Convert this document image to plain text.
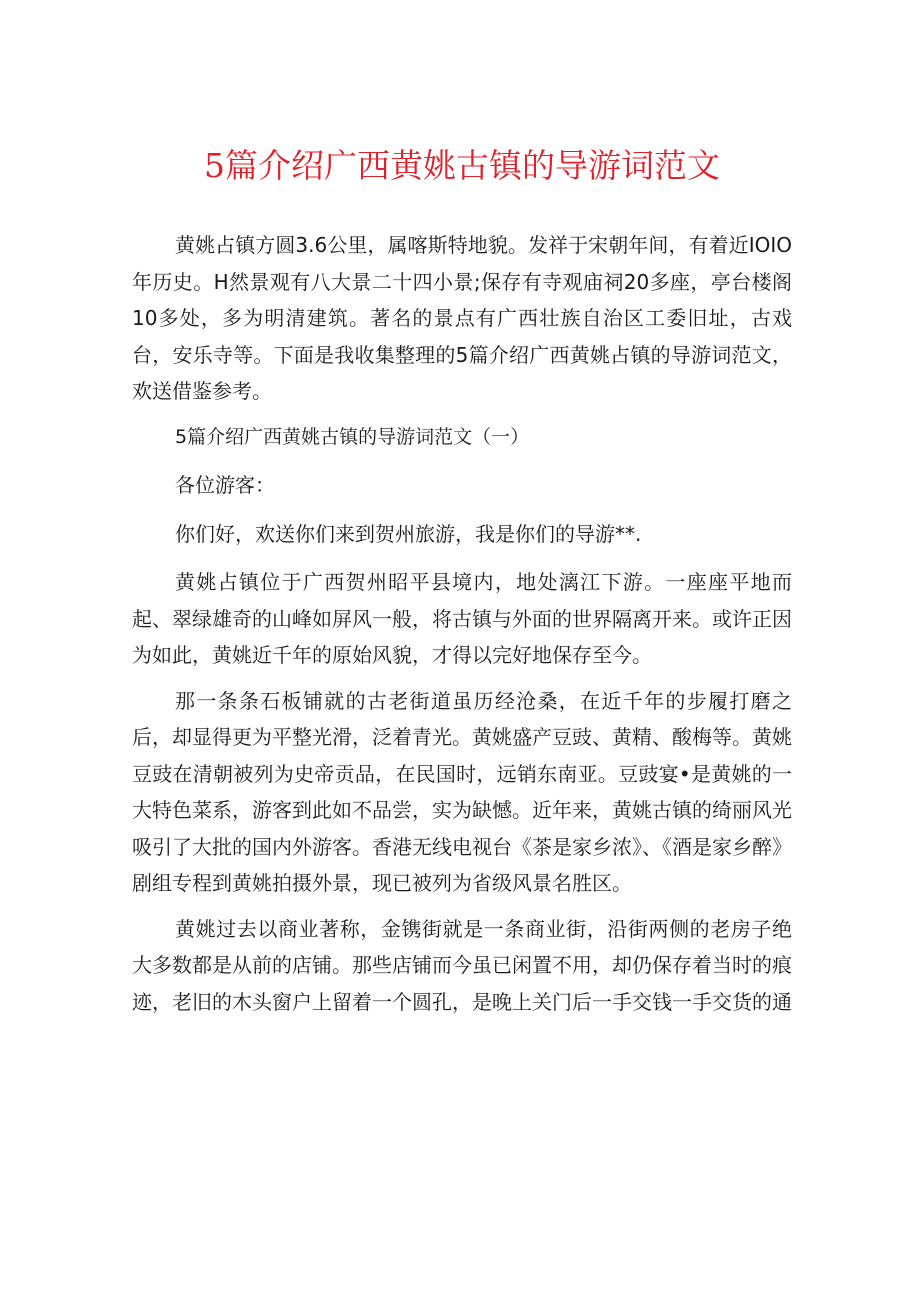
5篇介绍广西黄姚古镇的导游词范文

黄姚占镇方圆3.6公里，属喀斯特地貌。发祥于宋朝年间，有着近IOIO年历史。H然景观有八大景二十四小景;保存有寺观庙祠20多座，亭台楼阁10多处，多为明清建筑。著名的景点有广西壮族自治区工委旧址，古戏台，安乐寺等。下面是我收集整理的5篇介绍广西黄姚占镇的导游词范文，欢送借鉴参考。

5篇介绍广西黄姚古镇的导游词范文（一）

各位游客：

你们好，欢送你们来到贺州旅游，我是你们的导游**.

黄姚占镇位于广西贺州昭平县境内，地处漓江下游。一座座平地而起、翠绿雄奇的山峰如屏风一般，将古镇与外面的世界隔离开来。或许正因为如此，黄姚近千年的原始风貌，才得以完好地保存至今。

那一条条石板铺就的古老街道虽历经沧桑，在近千年的步履打磨之后，却显得更为平整光滑，泛着青光。黄姚盛产豆豉、黄精、酸梅等。黄姚豆豉在清朝被列为史帝贡品，在民国时，远销东南亚。豆豉宴•是黄姚的一大特色菜系，游客到此如不品尝，实为缺憾。近年来，黄姚古镇的绮丽风光吸引了大批的国内外游客。香港无线电视台《茶是家乡浓》、《酒是家乡醉》剧组专程到黄姚拍摄外景，现已被列为省级风景名胜区。

黄姚过去以商业著称，金镌街就是一条商业街，沿街两侧的老房子绝大多数都是从前的店铺。那些店铺而今虽已闲置不用，却仍保存着当时的痕迹，老旧的木头窗户上留着一个圆孔，是晚上关门后一手交钱一手交货的通
